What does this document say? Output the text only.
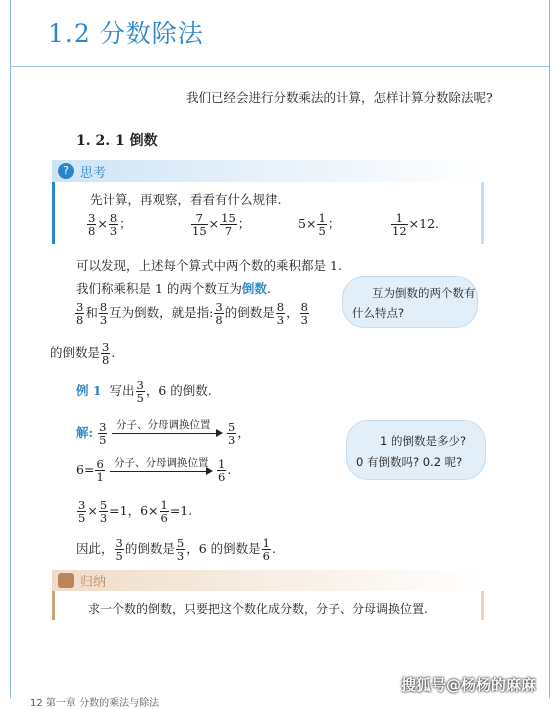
1.2 分数除法
我们已经会进行分数乘法的计算，怎样计算分数除法呢?
1. 2. 1 倒数
? 思考
先计算，再观察，看看有什么规律.
$\frac{3}{8} \times \frac{8}{3}$ ；	$\frac{7}{15} \times \frac{15}{7}$ ；	$5\times \frac{1}{5}$ ；	$\frac{1}{12} \times 12$.
可以发现，上述每个算式中两个数的乘积都是 1.
我们称乘积是 1 的两个数互为倒数.
$\frac{3}{8}$ 和 $\frac{8}{3}$ 互为倒数，就是指: $\frac{3}{8}$ 的倒数是 $\frac{8}{3}$ ， $\frac{8}{3}$
的倒数是 $\frac{3}{8}$ .
互为倒数的两个数有
什么特点?
例 1 写出 $\frac{3}{5}$ ，6 的倒数.
解: $\frac{3}{5}$ 分子、分母调换位置 $\frac{5}{3}$ ，
$6= \frac{6}{1}$ 分子、分母调换位置 $\frac{1}{6}$ .
1 的倒数是多少?
0 有倒数吗? 0.2 呢?
$\frac{3}{5} \times \frac{5}{3} =1$，$6\times \frac{1}{6} =1$.
因此， $\frac{3}{5}$ 的倒数是 $\frac{5}{3}$ ，6 的倒数是 $\frac{1}{6}$ .
归纳
求一个数的倒数，只要把这个数化成分数，分子、分母调换位置.
12 第一章 分数的乘法与除法
搜狐号@杨杨的麻麻
